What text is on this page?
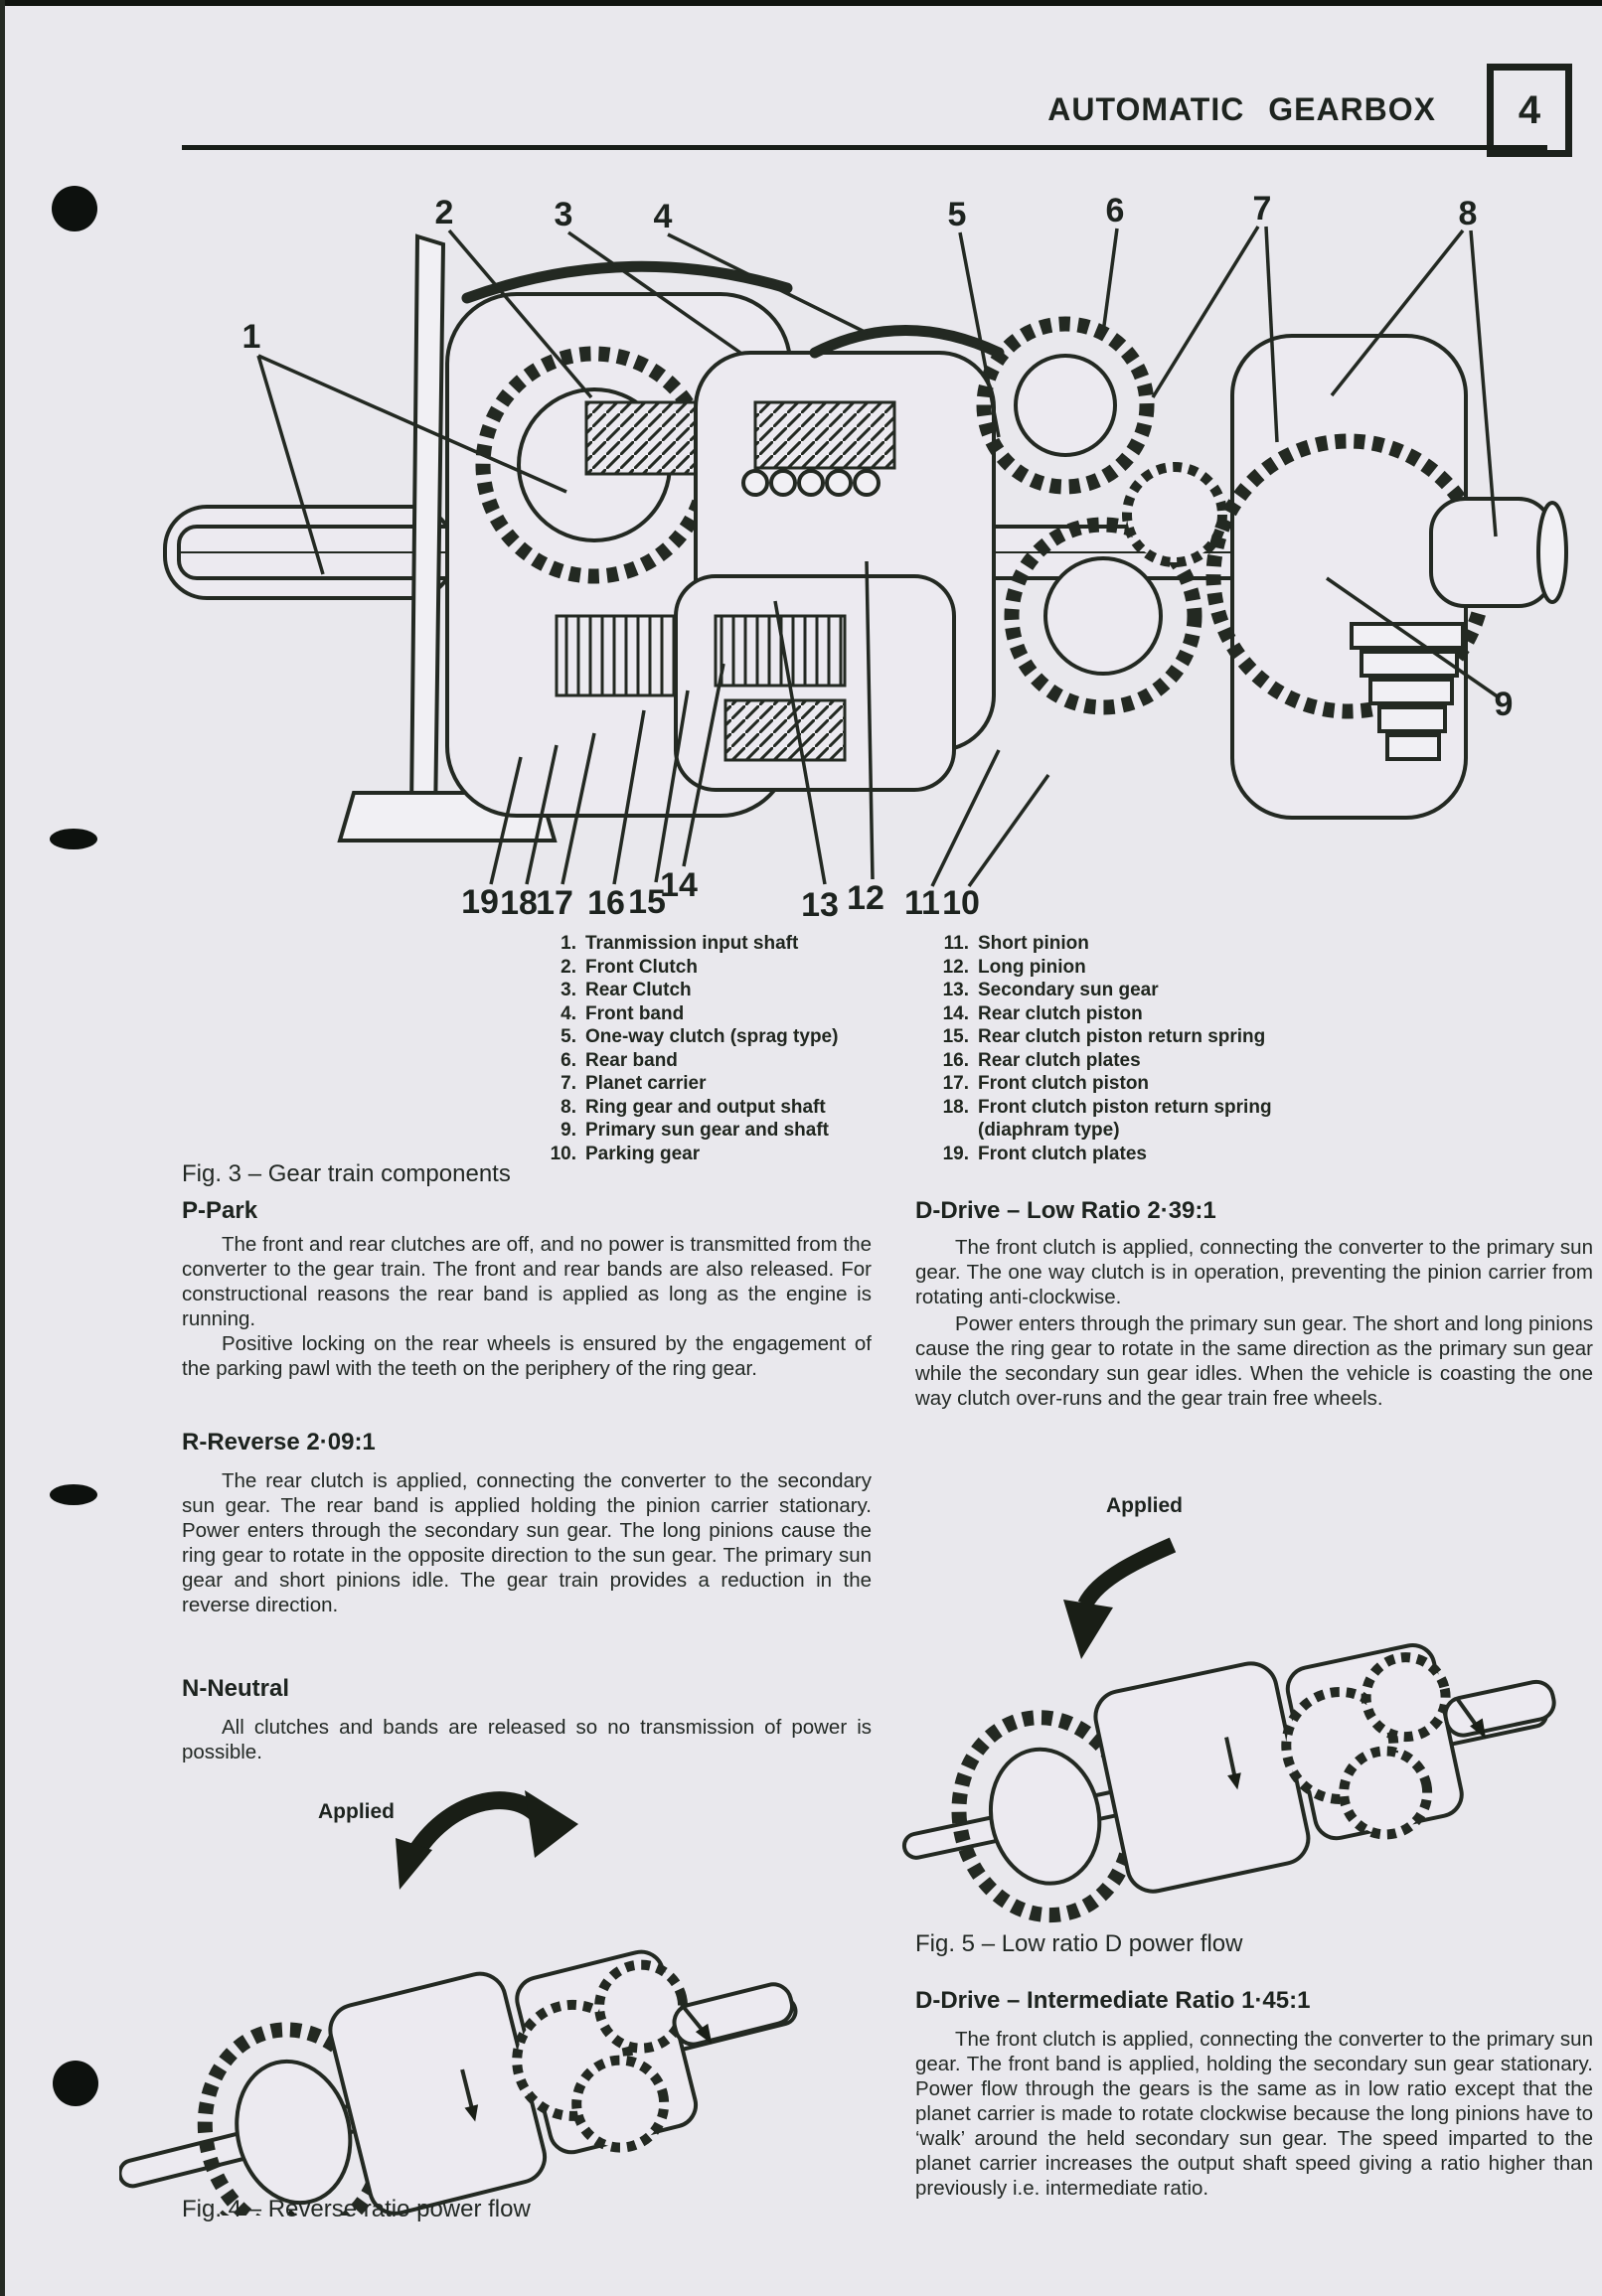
AUTOMATIC GEARBOX 4
1
2	3 4	5	6	7	8
9
10
11
12
13
14
15
16
17
18
19
1. Tranmission input shaft
2. Front Clutch
3. Rear Clutch
4. Front band
5. One-way clutch (sprag type)
6. Rear band
7. Planet carrier
8. Ring gear and output shaft
9. Primary sun gear and shaft
10. Parking gear
11. Short pinion
12. Long pinion
13. Secondary sun gear
14. Rear clutch piston
15. Rear clutch piston return spring
16. Rear clutch plates
17. Front clutch piston
18. Front clutch piston return spring
(diaphram type)
19. Front clutch plates
Fig. 3 – Gear train components
P-Park

The front and rear clutches are off, and no power is transmitted from the converter to the gear train. The front and rear bands are also released. For constructional reasons the rear band is applied as long as the engine is running.

Positive locking on the rear wheels is ensured by the engagement of the parking pawl with the teeth on the periphery of the ring gear.

R-Reverse 2·09:1

The rear clutch is applied, connecting the converter to the secondary sun gear. The rear band is applied holding the pinion carrier stationary. Power enters through the secondary sun gear. The long pinions cause the ring gear to rotate in the opposite direction to the sun gear. The primary sun gear and short pinions idle. The gear train provides a reduction in the reverse direction.

N-Neutral

All clutches and bands are released so no transmission of power is possible.

D-Drive – Low Ratio 2·39:1

The front clutch is applied, connecting the converter to the primary sun gear. The one way clutch is in operation, preventing the pinion carrier from rotating anti-clockwise.

Power enters through the primary sun gear. The short and long pinions cause the ring gear to rotate in the same direction as the primary sun gear while the secondary sun gear idles. When the vehicle is coasting the one way clutch over-runs and the gear train free wheels.

Applied
Fig. 5 – Low ratio D power flow
D-Drive – Intermediate Ratio 1·45:1

The front clutch is applied, connecting the converter to the primary sun gear. The front band is applied, holding the secondary sun gear stationary. Power flow through the gears is the same as in low ratio except that the planet carrier is made to rotate clockwise because the long pinions have to ‘walk’ around the held secondary sun gear. The speed imparted to the planet carrier increases the output shaft speed giving a ratio higher than previously i.e. intermediate ratio.

Applied
Fig. 4 – Reverse ratio power flow
